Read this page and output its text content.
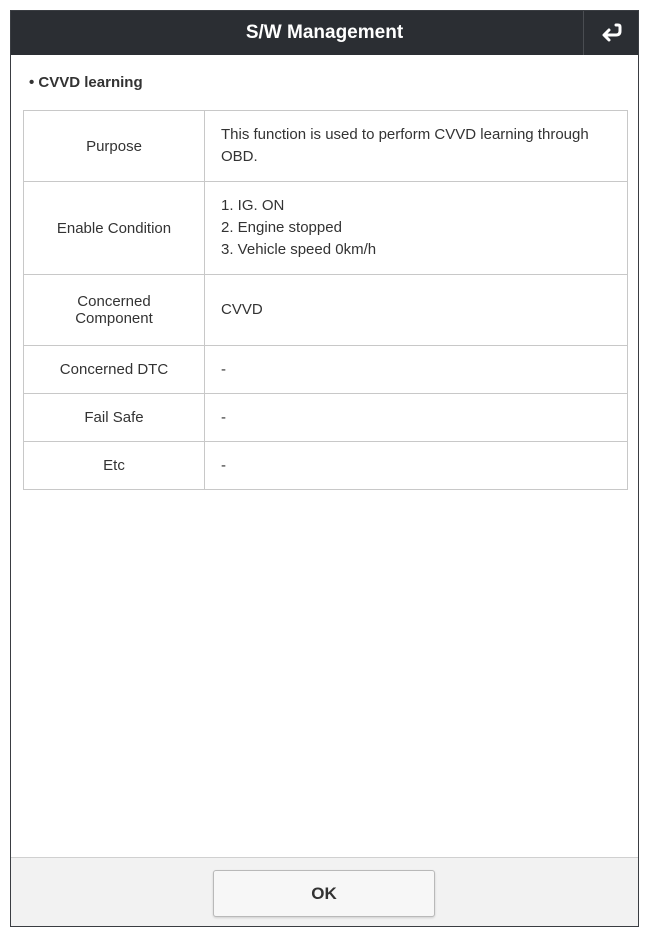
S/W Management
• CVVD learning
Purpose	This function is used to perform CVVD learning through OBD.

Enable Condition	1. IG. ON
2. Engine stopped
3. Vehicle speed 0km/h

Concerned
Component	CVVD

Concerned DTC	-

Fail Safe	-

Etc	-
OK
